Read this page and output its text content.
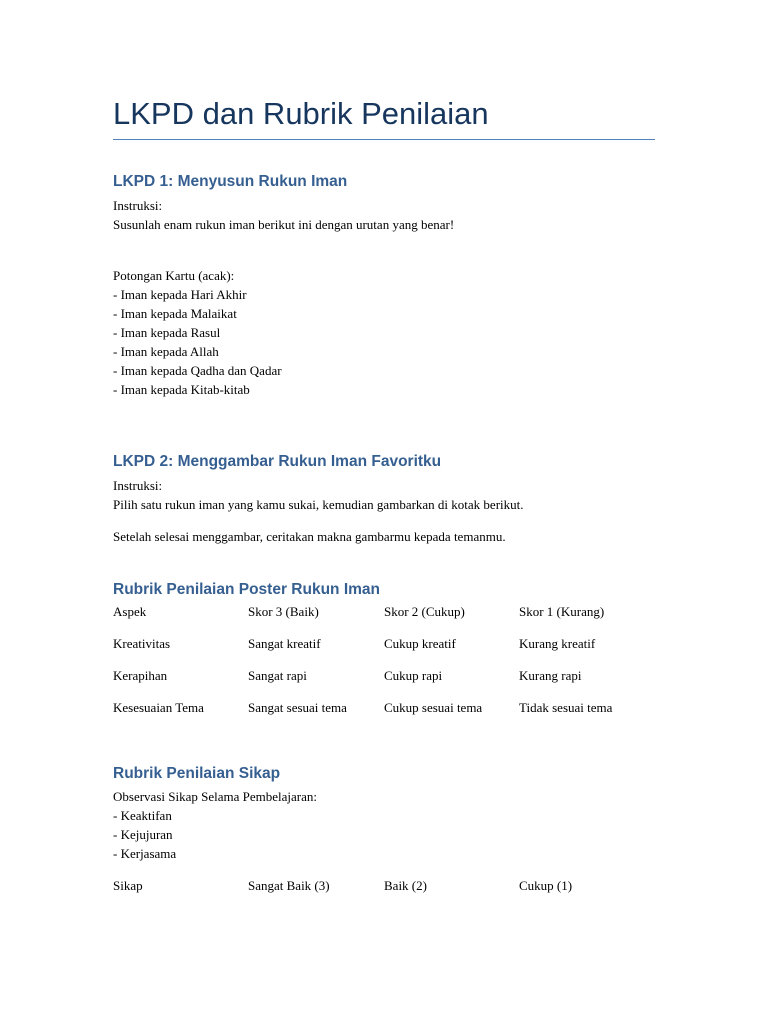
LKPD dan Rubrik Penilaian
LKPD 1: Menyusun Rukun Iman
Instruksi:
Susunlah enam rukun iman berikut ini dengan urutan yang benar!
Potongan Kartu (acak):
- Iman kepada Hari Akhir
- Iman kepada Malaikat
- Iman kepada Rasul
- Iman kepada Allah
- Iman kepada Qadha dan Qadar
- Iman kepada Kitab-kitab
LKPD 2: Menggambar Rukun Iman Favoritku
Instruksi:
Pilih satu rukun iman yang kamu sukai, kemudian gambarkan di kotak berikut.
Setelah selesai menggambar, ceritakan makna gambarmu kepada temanmu.
Rubrik Penilaian Poster Rukun Iman
Aspek	Skor 3 (Baik)	Skor 2 (Cukup)	Skor 1 (Kurang)
Kreativitas	Sangat kreatif	Cukup kreatif	Kurang kreatif
Kerapihan	Sangat rapi	Cukup rapi	Kurang rapi
Kesesuaian Tema	Sangat sesuai tema	Cukup sesuai tema	Tidak sesuai tema
Rubrik Penilaian Sikap
Observasi Sikap Selama Pembelajaran:
- Keaktifan
- Kejujuran
- Kerjasama
Sikap	Sangat Baik (3)	Baik (2)	Cukup (1)
